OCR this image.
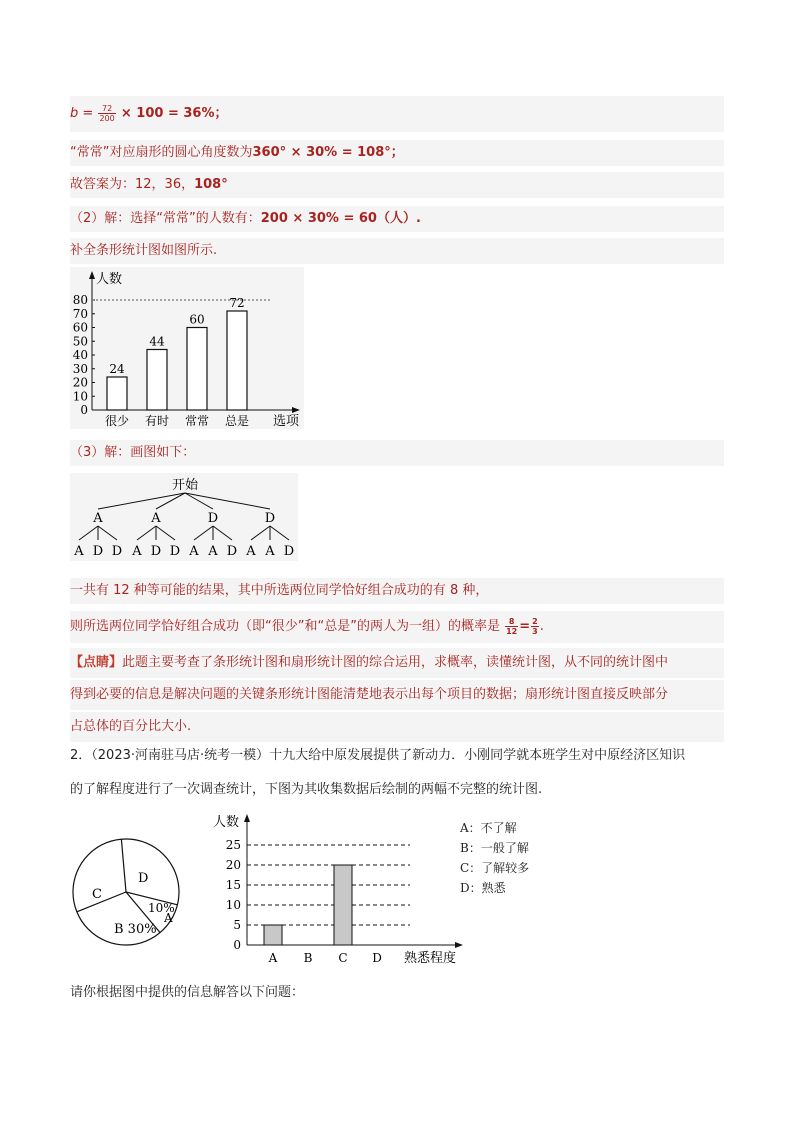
$b = \frac{72}{200} \times 100 = 36\%$；
“常常”对应扇形的圆心角度数为360° × 30% = 108°；
故答案为：12，36，108°
（2）解：选择“常常”的人数有：200 × 30% = 60（人）.
补全条形统计图如图所示.
人数
选项
0
10
20
30
40
50
60
70
80
24
很少
44
有时
60
常常
72
总是
（3）解：画图如下：
开始
A
A D D
A
A D D
D
A A D
D
A A D
一共有 12 种等可能的结果，其中所选两位同学恰好组合成功的有 8 种，
则所选两位同学恰好组合成功（即“很少”和“总是”的两人为一组）的概率是 $\frac{8}{12} = \frac{2}{3}$ .
【点睛】此题主要考查了条形统计图和扇形统计图的综合运用，求概率，读懂统计图，从不同的统计图中
得到必要的信息是解决问题的关键条形统计图能清楚地表示出每个项目的数据；扇形统计图直接反映部分
占总体的百分比大小.
2．（2023·河南驻马店·统考一模）十九大给中原发展提供了新动力．小刚同学就本班学生对中原经济区知识
的了解程度进行了一次调查统计，下图为其收集数据后绘制的两幅不完整的统计图.
D
C
B 30%
10%
A
人数
熟悉程度
0
5
10
15
20
25
A B C D
A：不了解
B：一般了解
C：了解较多
D：熟悉
请你根据图中提供的信息解答以下问题：
